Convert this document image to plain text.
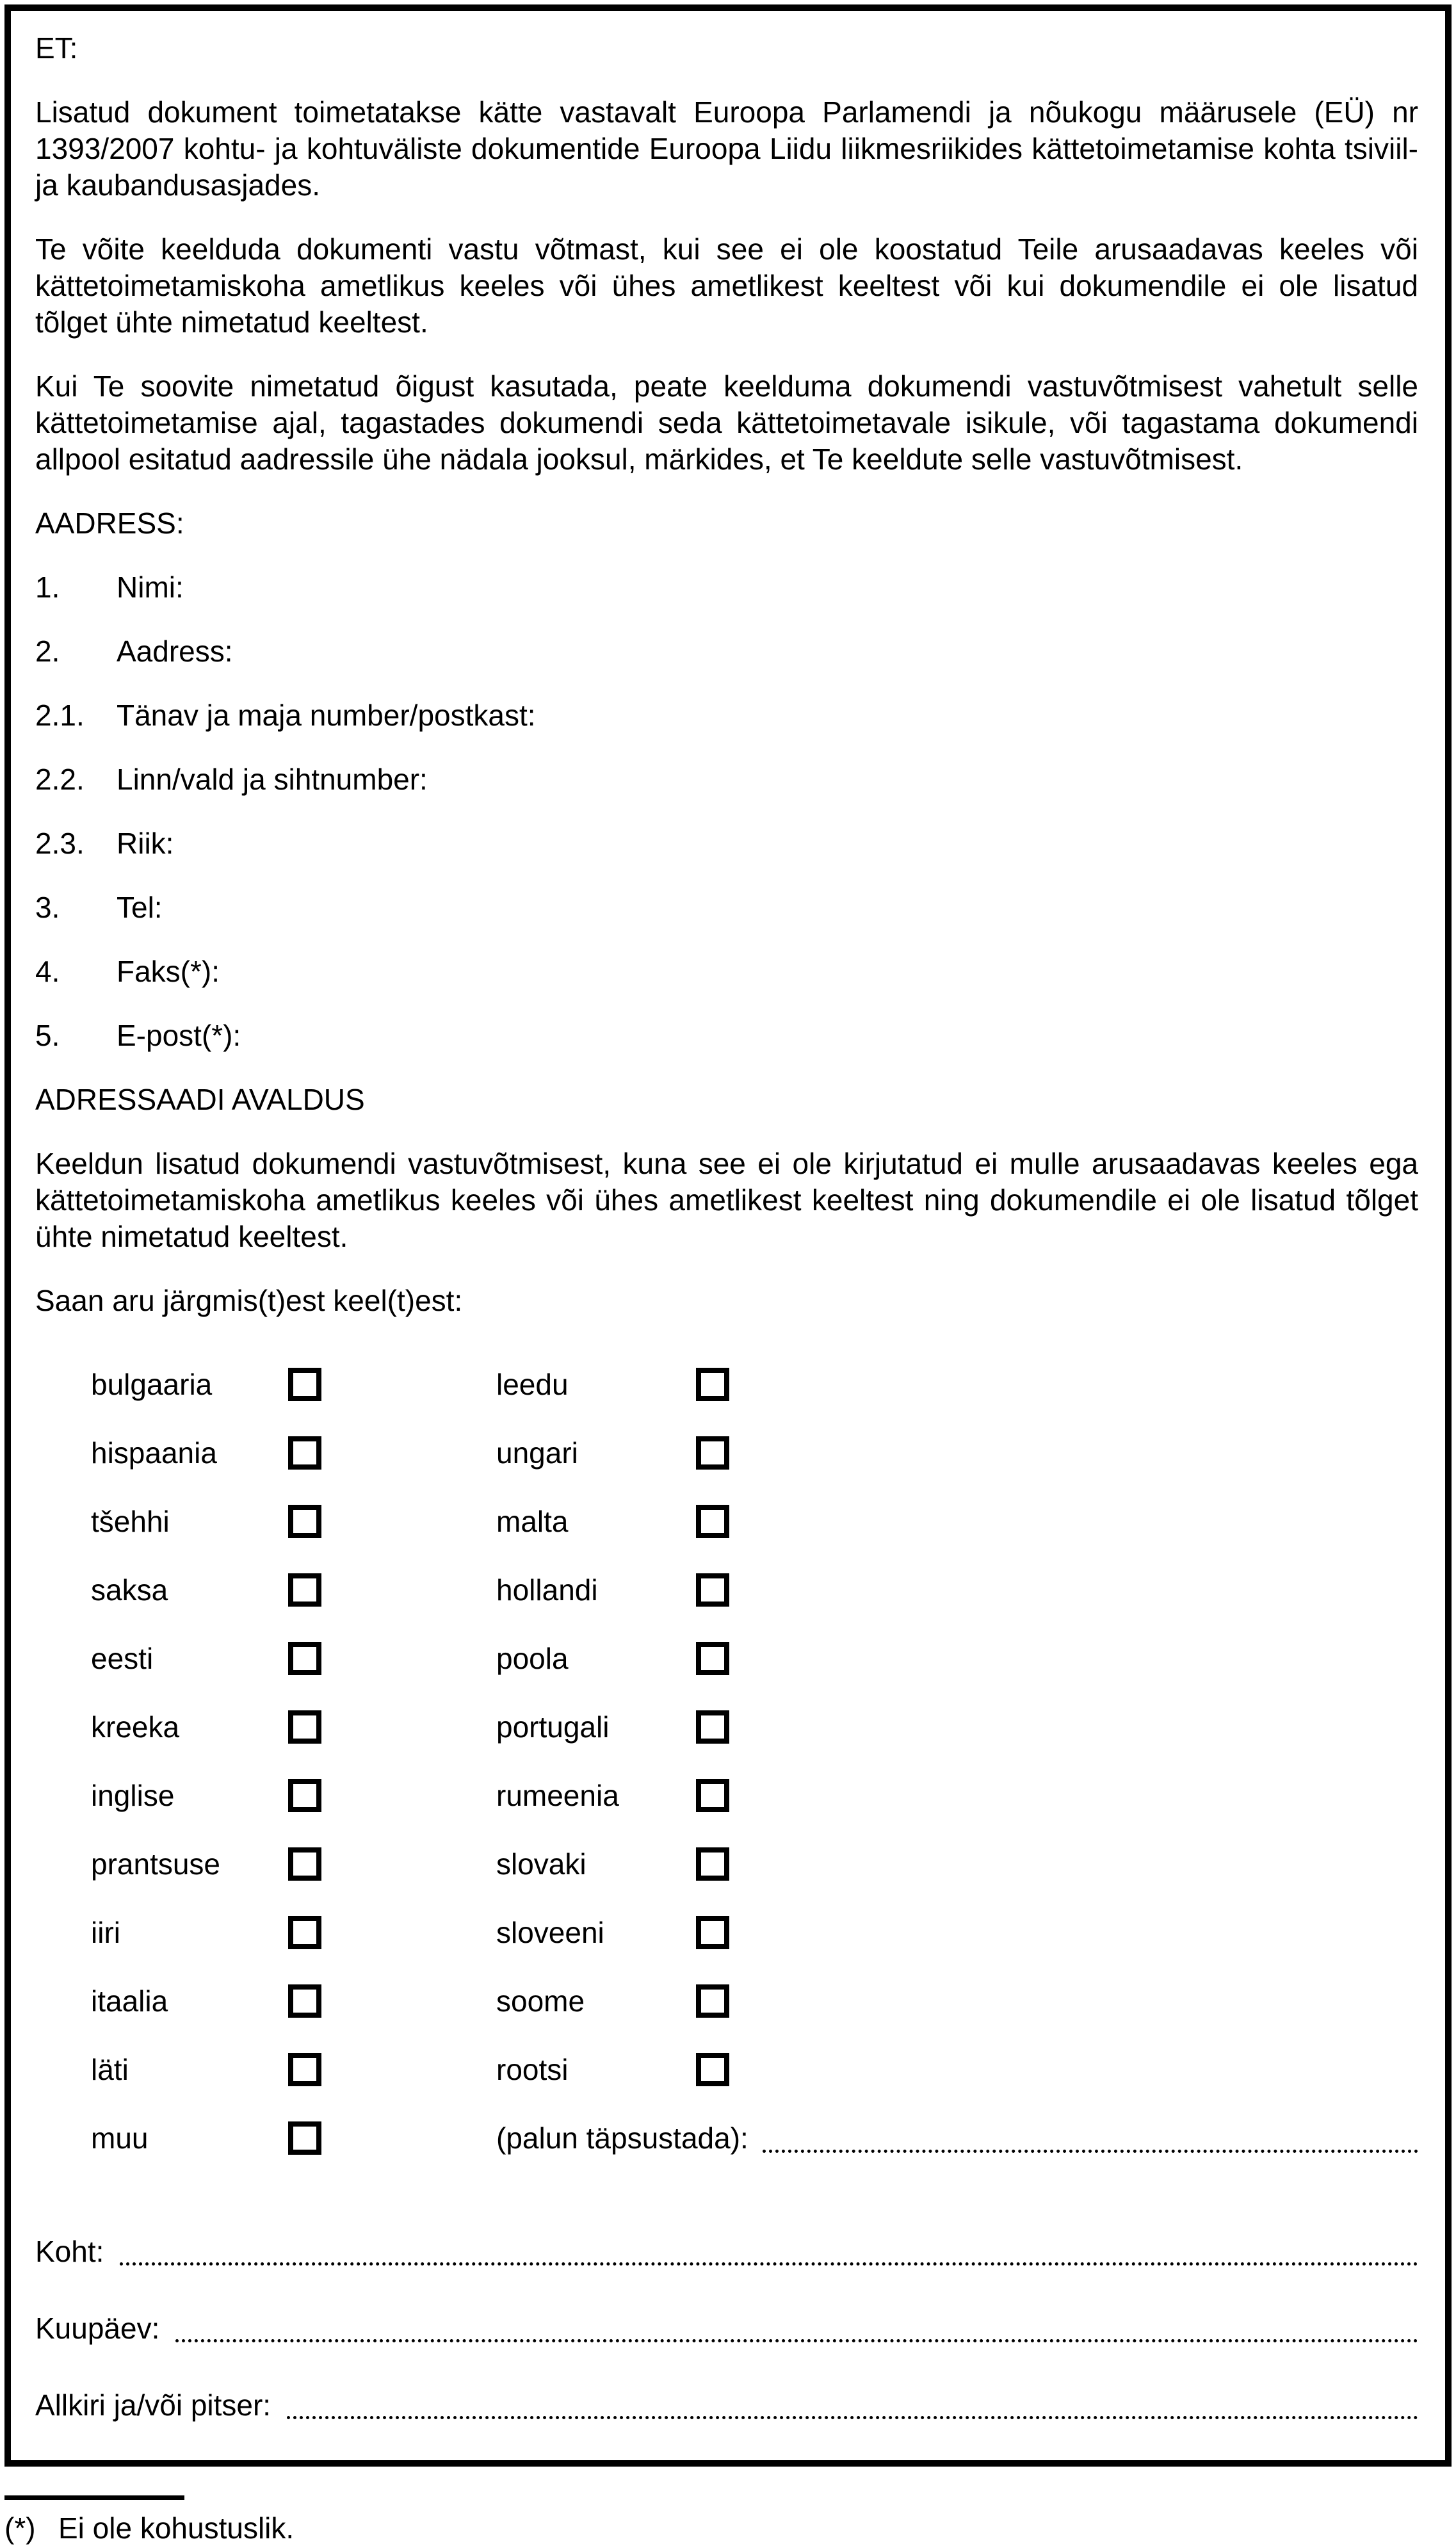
ET:

Lisatud dokument toimetatakse kätte vastavalt Euroopa Parlamendi ja nõukogu määrusele (EÜ) nr 1393/2007 kohtu- ja kohtuväliste dokumentide Euroopa Liidu liikmesriikides kättetoimetamise kohta tsiviil- ja kaubandusasjades.

Te võite keelduda dokumenti vastu võtmast, kui see ei ole koostatud Teile arusaadavas keeles või kättetoimetamiskoha ametlikus keeles või ühes ametlikest keeltest või kui dokumendile ei ole lisatud tõlget ühte nimetatud keeltest.

Kui Te soovite nimetatud õigust kasutada, peate keelduma dokumendi vastuvõtmisest vahetult selle kättetoimetamise ajal, tagastades dokumendi seda kättetoimetavale isikule, või tagastama dokumendi allpool esitatud aadressile ühe nädala jooksul, märkides, et Te keeldute selle vastuvõtmisest.

AADRESS:

1. Nimi:
2. Aadress:
2.1. Tänav ja maja number/postkast:
2.2. Linn/vald ja sihtnumber:
2.3. Riik:
3. Tel:
4. Faks(*):
5. E-post(*):

ADRESSAADI AVALDUS

Keeldun lisatud dokumendi vastuvõtmisest, kuna see ei ole kirjutatud ei mulle arusaadavas keeles ega kättetoimetamiskoha ametlikus keeles või ühes ametlikest keeltest ning dokumendile ei ole lisatud tõlget ühte nimetatud keeltest.

Saan aru järgmis(t)est keel(t)est:

bulgaaria	leedu
hispaania	ungari
tšehhi	malta
saksa	hollandi
eesti	poola
kreeka	portugali
inglise	rumeenia
prantsuse	slovaki
iiri	sloveeni
itaalia	soome
läti	rootsi
muu	(palun täpsustada):
Koht:
Kuupäev:
Allkiri ja/või pitser:
(*) Ei ole kohustuslik.
